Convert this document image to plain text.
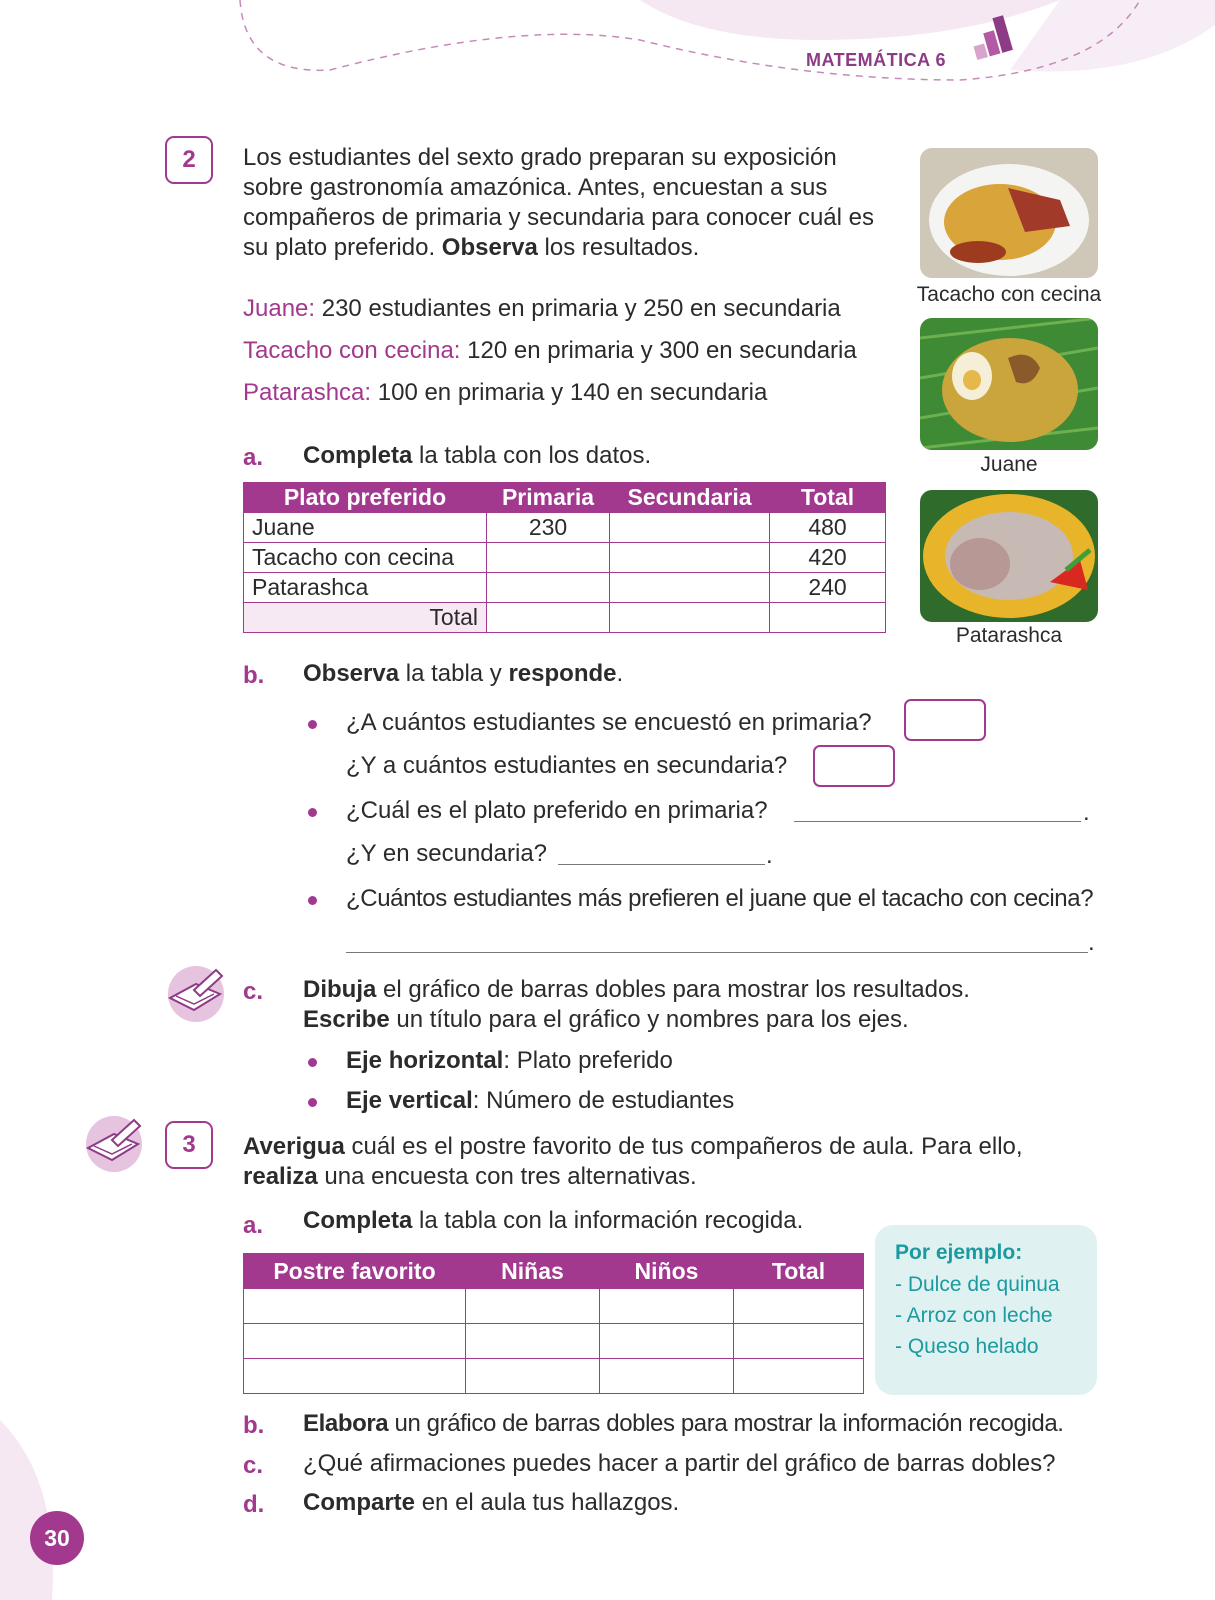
MATEMÁTICA 6
2	Los estudiantes del sexto grado preparan su exposición sobre gastronomía amazónica. Antes, encuestan a sus compañeros de primaria y secundaria para conocer cuál es su plato preferido. Observa los resultados.
Juane: 230 estudiantes en primaria y 250 en secundaria
Tacacho con cecina: 120 en primaria y 300 en secundaria
Patarashca: 100 en primaria y 140 en secundaria
Tacacho con cecina
Juane
Patarashca
a. Completa la tabla con los datos.
Plato preferido	Primaria	Secundaria	Total
Juane	230		480
Tacacho con cecina			420
Patarashca			240
Total			
b. Observa la tabla y responde.
¿A cuántos estudiantes se encuestó en primaria?
¿Y a cuántos estudiantes en secundaria?
¿Cuál es el plato preferido en primaria?	.
¿Y en secundaria?	.
¿Cuántos estudiantes más prefieren el juane que el tacacho con cecina?
.
c. Dibuja el gráfico de barras dobles para mostrar los resultados.
Escribe un título para el gráfico y nombres para los ejes.
Eje horizontal: Plato preferido
Eje vertical: Número de estudiantes
3	Averigua cuál es el postre favorito de tus compañeros de aula. Para ello,
realiza una encuesta con tres alternativas.
a. Completa la tabla con la información recogida.
Postre favorito	Niñas	Niños	Total

Por ejemplo:
- Dulce de quinua
- Arroz con leche
- Queso helado
b. Elabora un gráfico de barras dobles para mostrar la información recogida.
c. ¿Qué afirmaciones puedes hacer a partir del gráfico de barras dobles?
d. Comparte en el aula tus hallazgos.
30
